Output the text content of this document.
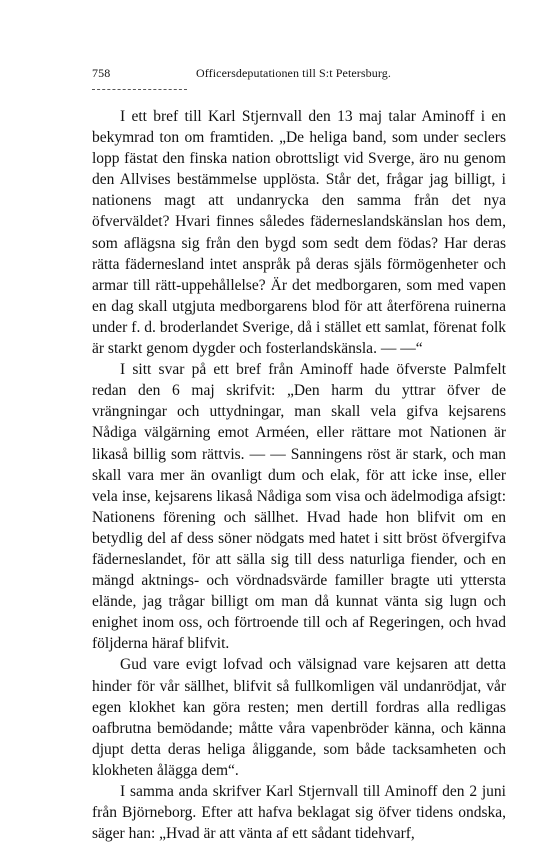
758	Officersdeputationen till S:t Petersburg.

I ett bref till Karl Stjernvall den 13 maj talar Aminoff i en bekymrad ton om framtiden. „De heliga band, som under seclers lopp fästat den finska nation obrottsligt vid Sverge, äro nu genom den Allvises bestämmelse upplösta. Står det, frågar jag billigt, i nationens magt att undanrycka den samma från det nya öfverväldet? Hvari finnes således fäderneslandskänslan hos dem, som aflägsna sig från den bygd som sedt dem födas? Har deras rätta fädernesland intet anspråk på deras själs förmögenheter och armar till rätt-uppehållelse? Är det medborgaren, som med vapen en dag skall utgjuta medborgarens blod för att återförena ruinerna under f. d. broderlandet Sverige, då i stället ett samlat, förenat folk är starkt genom dygder och fosterlandskänsla. — —“

I sitt svar på ett bref från Aminoff hade öfverste Palmfelt redan den 6 maj skrifvit: „Den harm du yttrar öfver de vrängningar och uttydningar, man skall vela gifva kejsarens Nådiga välgärning emot Arméen, eller rättare mot Nationen är likaså billig som rättvis. — — Sanningens röst är stark, och man skall vara mer än ovanligt dum och elak, för att icke inse, eller vela inse, kejsarens likaså Nådiga som visa och ädelmodiga afsigt: Nationens förening och sällhet. Hvad hade hon blifvit om en betydlig del af dess söner nödgats med hatet i sitt bröst öfvergifva fäderneslandet, för att sälla sig till dess naturliga fiender, och en mängd aktnings- och vördnadsvärde familler bragte uti yttersta elände, jag trågar billigt om man då kunnat vänta sig lugn och enighet inom oss, och förtroende till och af Regeringen, och hvad följderna häraf blifvit.

Gud vare evigt lofvad och välsignad vare kejsaren att detta hinder för vår sällhet, blifvit så fullkomligen väl undanrödjat, vår egen klokhet kan göra resten; men dertill fordras alla redligas oafbrutna bemödande; måtte våra vapenbröder känna, och känna djupt detta deras heliga åliggande, som både tacksamheten och klokheten ålägga dem“.

I samma anda skrifver Karl Stjernvall till Aminoff den 2 juni från Björneborg. Efter att hafva beklagat sig öfver tidens ondska, säger han: „Hvad är att vänta af ett sådant tidehvarf,
